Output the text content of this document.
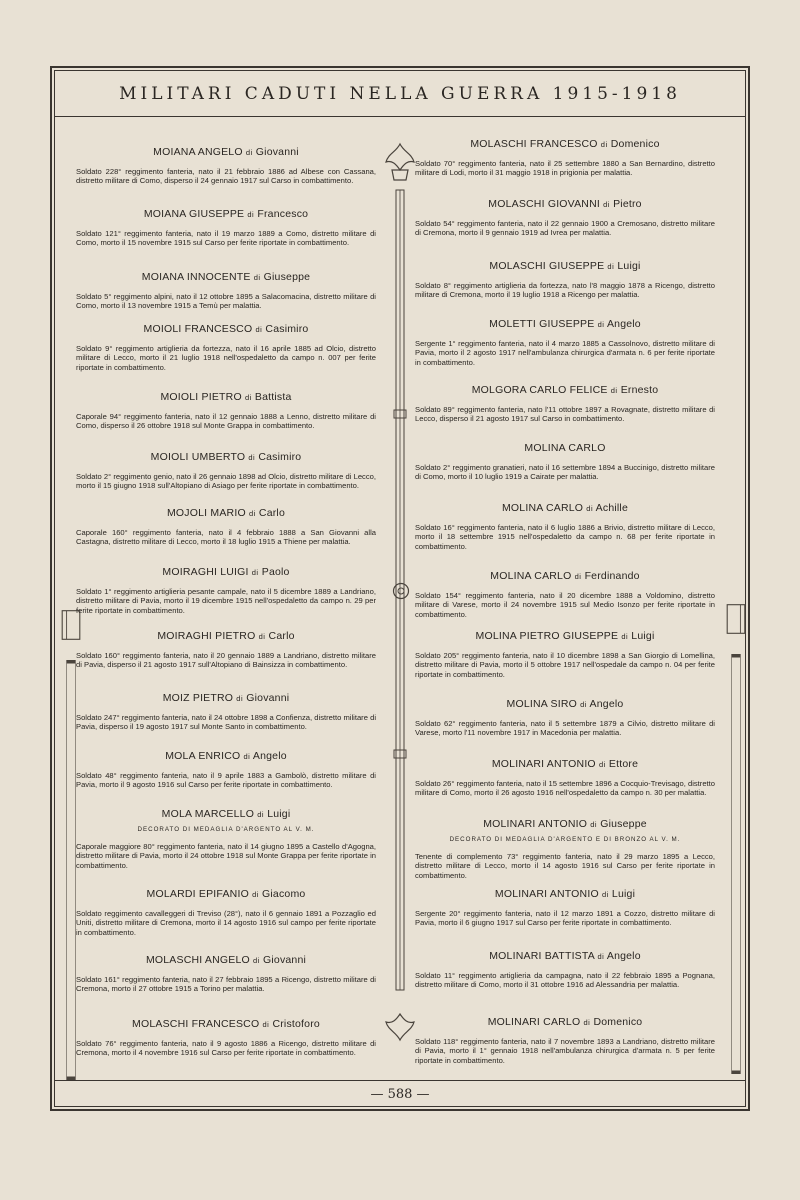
MILITARI CADUTI NELLA GUERRA 1915-1918
MOIANA ANGELO di Giovanni
Soldato 228° reggimento fanteria, nato il 21 febbraio 1886 ad Albese con Cassana, distretto militare di Como, disperso il 24 gennaio 1917 sul Carso in combattimento.
MOIANA GIUSEPPE di Francesco
Soldato 121° reggimento fanteria, nato il 19 marzo 1889 a Como, distretto militare di Como, morto il 15 novembre 1915 sul Carso per ferite riportate in combattimento.
MOIANA INNOCENTE di Giuseppe
Soldato 5° reggimento alpini, nato il 12 ottobre 1895 a Salacomacina, distretto militare di Como, morto il 13 novembre 1915 a Temù per malattia.
MOIOLI FRANCESCO di Casimiro
Soldato 9° reggimento artiglieria da fortezza, nato il 16 aprile 1885 ad Olcio, distretto militare di Lecco, morto il 21 luglio 1918 nell'ospedaletto da campo n. 007 per ferite riportate in combattimento.
MOIOLI PIETRO di Battista
Caporale 94° reggimento fanteria, nato il 12 gennaio 1888 a Lenno, distretto militare di Como, disperso il 26 ottobre 1918 sul Monte Grappa in combattimento.
MOIOLI UMBERTO di Casimiro
Soldato 2° reggimento genio, nato il 26 gennaio 1898 ad Olcio, distretto militare di Lecco, morto il 15 giugno 1918 sull'Altopiano di Asiago per ferite riportate in combattimento.
MOJOLI MARIO di Carlo
Caporale 160° reggimento fanteria, nato il 4 febbraio 1888 a San Giovanni alla Castagna, distretto militare di Lecco, morto il 18 luglio 1915 a Thiene per malattia.
MOIRAGHI LUIGI di Paolo
Soldato 1° reggimento artiglieria pesante campale, nato il 5 dicembre 1889 a Landriano, distretto militare di Pavia, morto il 19 dicembre 1915 nell'ospedaletto da campo n. 29 per ferite riportate in combattimento.
MOIRAGHI PIETRO di Carlo
Soldato 160° reggimento fanteria, nato il 20 gennaio 1889 a Landriano, distretto militare di Pavia, disperso il 21 agosto 1917 sull'Altopiano di Bainsizza in combattimento.
MOIZ PIETRO di Giovanni
Soldato 247° reggimento fanteria, nato il 24 ottobre 1898 a Confienza, distretto militare di Pavia, disperso il 19 agosto 1917 sul Monte Santo in combattimento.
MOLA ENRICO di Angelo
Soldato 48° reggimento fanteria, nato il 9 aprile 1883 a Gambolò, distretto militare di Pavia, morto il 9 agosto 1916 sul Carso per ferite riportate in combattimento.
MOLA MARCELLO di Luigi
DECORATO DI MEDAGLIA D'ARGENTO AL V. M.
Caporale maggiore 80° reggimento fanteria, nato il 14 giugno 1895 a Castello d'Agogna, distretto militare di Pavia, morto il 24 ottobre 1918 sul Monte Grappa per ferite riportate in combattimento.
MOLARDI EPIFANIO di Giacomo
Soldato reggimento cavalleggeri di Treviso (28°), nato il 6 gennaio 1891 a Pozzaglio ed Uniti, distretto militare di Cremona, morto il 14 agosto 1916 sul campo per ferite riportate in combattimento.
MOLASCHI ANGELO di Giovanni
Soldato 161° reggimento fanteria, nato il 27 febbraio 1895 a Ricengo, distretto militare di Cremona, morto il 27 ottobre 1915 a Torino per malattia.
MOLASCHI FRANCESCO di Cristoforo
Soldato 76° reggimento fanteria, nato il 9 agosto 1886 a Ricengo, distretto militare di Cremona, morto il 4 novembre 1916 sul Carso per ferite riportate in combattimento.
MOLASCHI FRANCESCO di Domenico
Soldato 70° reggimento fanteria, nato il 25 settembre 1880 a San Bernardino, distretto militare di Lodi, morto il 31 maggio 1918 in prigionia per malattia.
MOLASCHI GIOVANNI di Pietro
Soldato 54° reggimento fanteria, nato il 22 gennaio 1900 a Cremosano, distretto militare di Cremona, morto il 9 gennaio 1919 ad Ivrea per malattia.
MOLASCHI GIUSEPPE di Luigi
Soldato 8° reggimento artiglieria da fortezza, nato l'8 maggio 1878 a Ricengo, distretto militare di Cremona, morto il 19 luglio 1918 a Ricengo per malattia.
MOLETTI GIUSEPPE di Angelo
Sergente 1° reggimento fanteria, nato il 4 marzo 1885 a Cassolnovo, distretto militare di Pavia, morto il 2 agosto 1917 nell'ambulanza chirurgica d'armata n. 6 per ferite riportate in combattimento.
MOLGORA CARLO FELICE di Ernesto
Soldato 89° reggimento fanteria, nato l'11 ottobre 1897 a Rovagnate, distretto militare di Lecco, disperso il 21 agosto 1917 sul Carso in combattimento.
MOLINA CARLO
Soldato 2° reggimento granatieri, nato il 16 settembre 1894 a Buccinigo, distretto militare di Como, morto il 10 luglio 1919 a Cairate per malattia.
MOLINA CARLO di Achille
Soldato 16° reggimento fanteria, nato il 6 luglio 1886 a Brivio, distretto militare di Lecco, morto il 18 settembre 1915 nell'ospedaletto da campo n. 68 per ferite riportate in combattimento.
MOLINA CARLO di Ferdinando
Soldato 154° reggimento fanteria, nato il 20 dicembre 1888 a Voldomino, distretto militare di Varese, morto il 24 novembre 1915 sul Medio Isonzo per ferite riportate in combattimento.
MOLINA PIETRO GIUSEPPE di Luigi
Soldato 205° reggimento fanteria, nato il 10 dicembre 1898 a San Giorgio di Lomellina, distretto militare di Pavia, morto il 5 ottobre 1917 nell'ospedale da campo n. 04 per ferite riportate in combattimento.
MOLINA SIRO di Angelo
Soldato 62° reggimento fanteria, nato il 5 settembre 1879 a Cilvio, distretto militare di Varese, morto l'11 novembre 1917 in Macedonia per malattia.
MOLINARI ANTONIO di Ettore
Soldato 26° reggimento fanteria, nato il 15 settembre 1896 a Cocquio-Trevisago, distretto militare di Como, morto il 26 agosto 1916 nell'ospedaletto da campo n. 30 per malattia.
MOLINARI ANTONIO di Giuseppe
DECORATO DI MEDAGLIA D'ARGENTO E DI BRONZO AL V. M.
Tenente di complemento 73° reggimento fanteria, nato il 29 marzo 1895 a Lecco, distretto militare di Lecco, morto il 14 agosto 1916 sul Carso per ferite riportate in combattimento.
MOLINARI ANTONIO di Luigi
Sergente 20° reggimento fanteria, nato il 12 marzo 1891 a Cozzo, distretto militare di Pavia, morto il 6 giugno 1917 sul Carso per ferite riportate in combattimento.
MOLINARI BATTISTA di Angelo
Soldato 11° reggimento artiglieria da campagna, nato il 22 febbraio 1895 a Pognana, distretto militare di Como, morto il 31 ottobre 1916 ad Alessandria per malattia.
MOLINARI CARLO di Domenico
Soldato 118° reggimento fanteria, nato il 7 novembre 1893 a Landriano, distretto militare di Pavia, morto il 1° gennaio 1918 nell'ambulanza chirurgica d'armata n. 5 per ferite riportate in combattimento.
— 588 —
